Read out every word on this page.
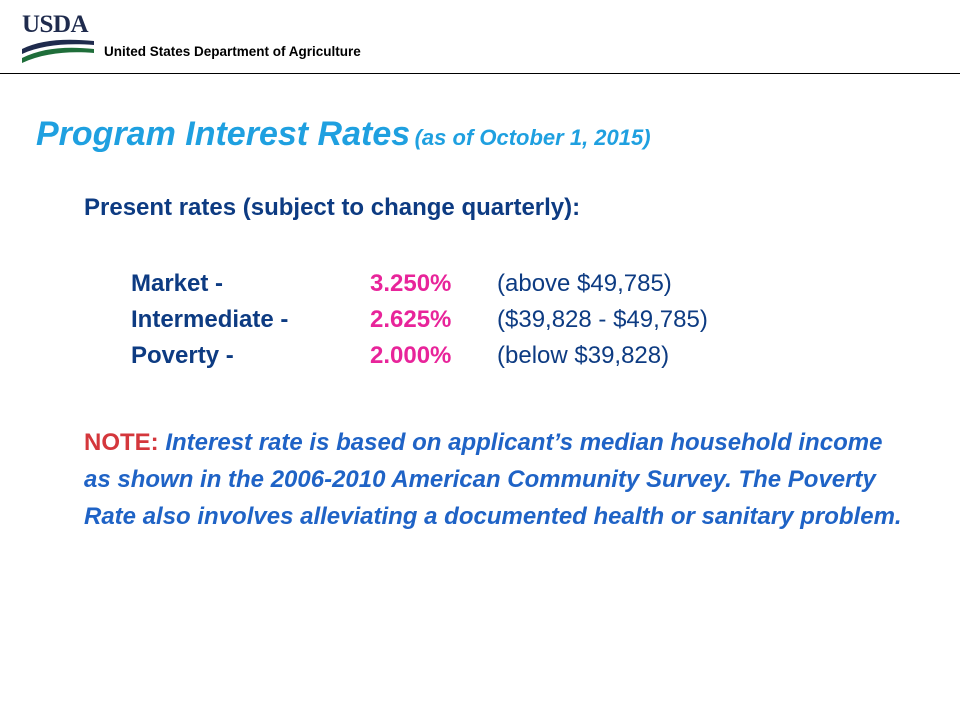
USDA
United States Department of Agriculture
Program Interest Rates (as of October 1, 2015)
Present rates (subject to change quarterly):
Market -	3.250% (above $49,785)
Intermediate -	2.625% ($39,828 - $49,785)
Poverty -	2.000% (below $39,828)
NOTE: Interest rate is based on applicant’s median household income as shown in the 2006-2010 American Community Survey. The Poverty Rate also involves alleviating a documented health or sanitary problem.
